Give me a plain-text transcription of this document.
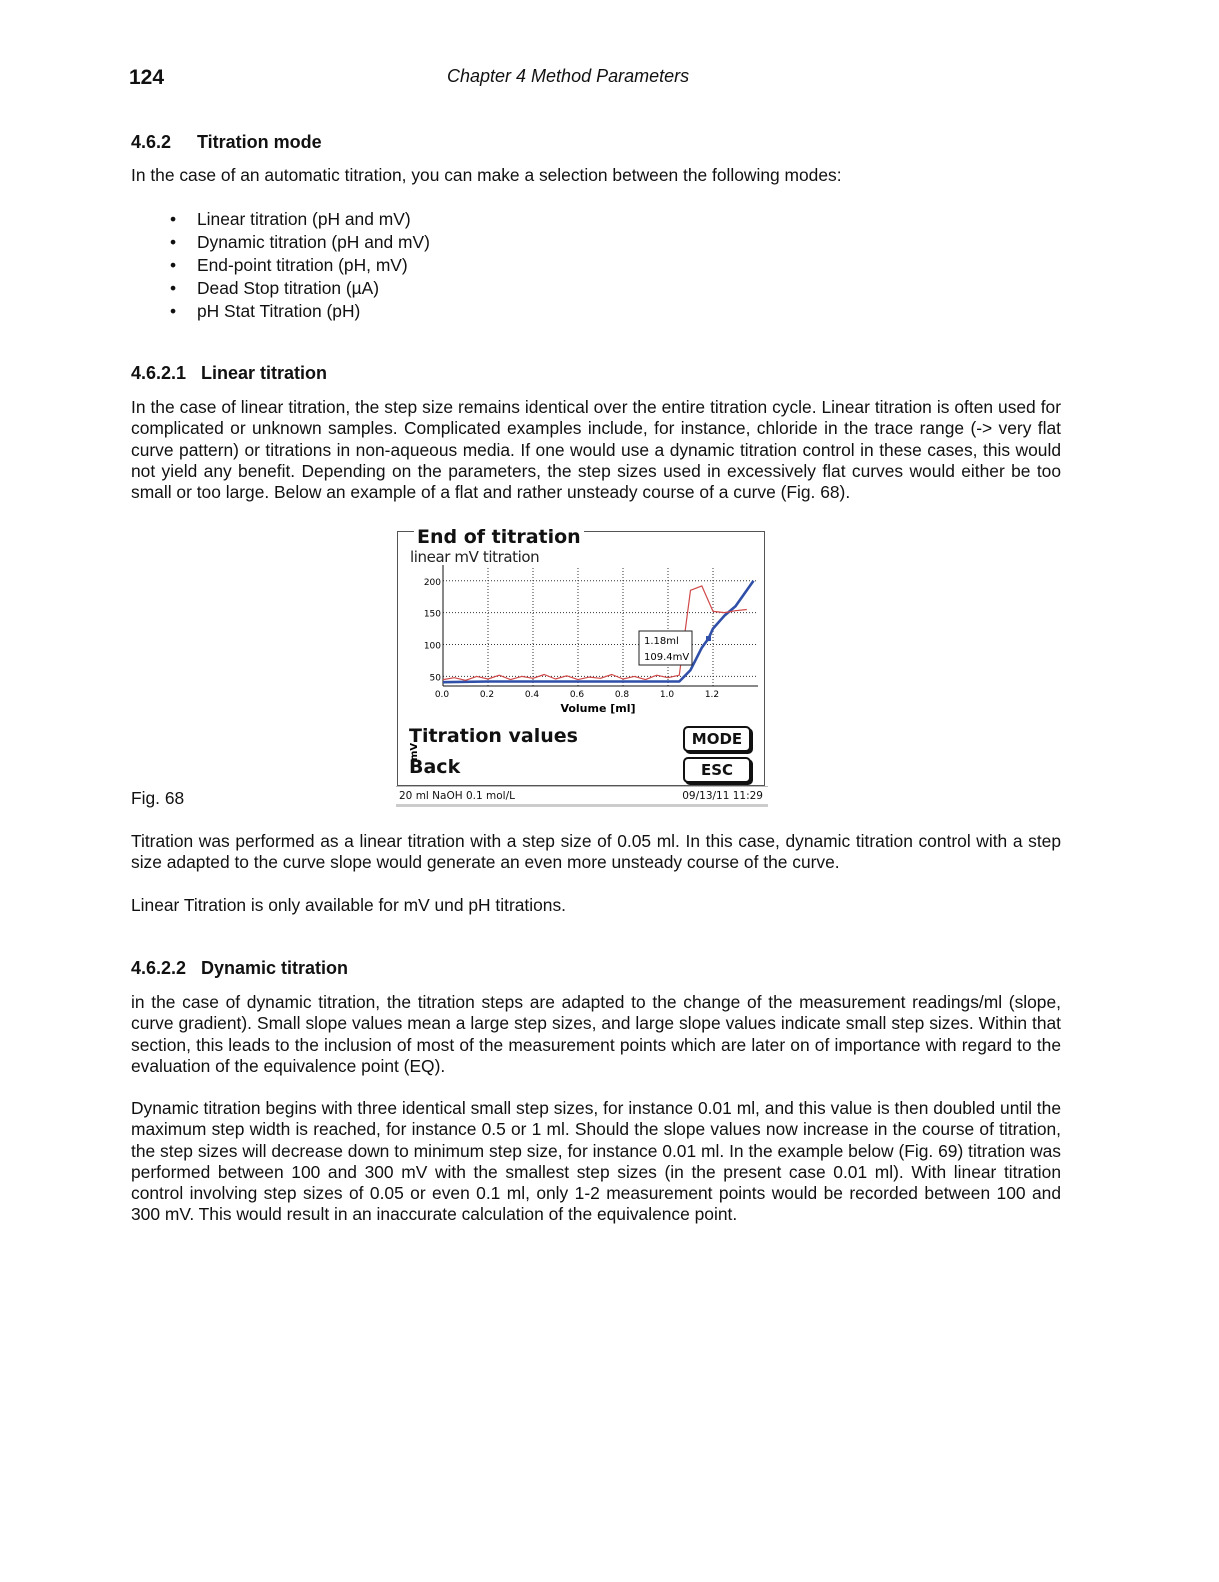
124	Chapter 4 Method Parameters
4.6.2 Titration mode

In the case of an automatic titration, you can make a selection between the following modes:

• Linear titration (pH and mV)
• Dynamic titration (pH and mV)
• End-point titration (pH, mV)
• Dead Stop titration (µA)
• pH Stat Titration (pH)
4.6.2.1 Linear titration

In the case of linear titration, the step size remains identical over the entire titration cycle. Linear titration is often used for complicated or unknown samples. Complicated examples include, for instance, chloride in the trace range (-> very flat curve pattern) or titrations in non-aqueous media. If one would use a dynamic titration control in these cases, this would not yield any benefit. Depending on the parameters, the step sizes used in excessively flat curves would either be too small or too large. Below an example of a flat and rather unsteady course of a curve (Fig. 68).

End of titration
linear mV titration
50
100
150
200
0.0	0.2	0.4	0.6	0.8	1.0	1.2
mV
Volume [ml]
1.18ml
109.4mV
Titration values	MODE
Back	ESC
20 ml NaOH 0.1 mol/L	09/13/11 11:29
Fig. 68

Titration was performed as a linear titration with a step size of 0.05 ml. In this case, dynamic titration control with a step size adapted to the curve slope would generate an even more unsteady course of the curve.

Linear Titration is only available for mV und pH titrations.

4.6.2.2 Dynamic titration

in the case of dynamic titration, the titration steps are adapted to the change of the measurement readings/ml (slope, curve gradient). Small slope values mean a large step sizes, and large slope values indicate small step sizes. Within that section, this leads to the inclusion of most of the measurement points which are later on of importance with regard to the evaluation of the equivalence point (EQ).

Dynamic titration begins with three identical small step sizes, for instance 0.01 ml, and this value is then doubled until the maximum step width is reached, for instance 0.5 or 1 ml. Should the slope values now increase in the course of titration, the step sizes will decrease down to minimum step size, for instance 0.01 ml. In the example below (Fig. 69) titration was performed between 100 and 300 mV with the smallest step sizes (in the present case 0.01 ml). With linear titration control involving step sizes of 0.05 or even 0.1 ml, only 1-2 measurement points would be recorded between 100 and 300 mV. This would result in an inaccurate calculation of the equivalence point.
